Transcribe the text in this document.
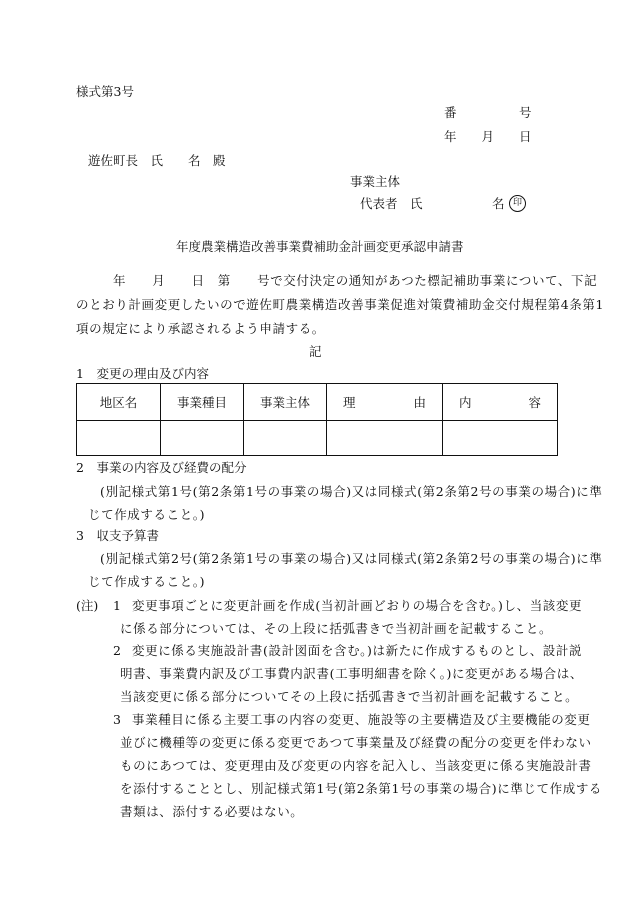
様式第3号
番　　　　　号
年　　月　　日
遊佐町長　氏　　名　殿
事業主体
代表者　氏	名 印
年度農業構造改善事業費補助金計画変更承認申請書
年　　月　　日　第　　号で交付決定の通知があつた標記補助事業について、下記
のとおり計画変更したいので遊佐町農業構造改善事業促進対策費補助金交付規程第4条第1
項の規定により承認されるよう申請する。
記
1　変更の理由及び内容
地区名	事業種目	事業主体	理 由	内 容

2　事業の内容及び経費の配分
(別記様式第1号(第2条第1号の事業の場合)又は同様式(第2条第2号の事業の場合)に準
じて作成すること。)
3　収支予算書
(別記様式第2号(第2条第1号の事業の場合)又は同様式(第2条第2号の事業の場合)に準
じて作成すること。)
(注) 1 変更事項ごとに変更計画を作成(当初計画どおりの場合を含む。)し、当該変更
に係る部分については、その上段に括弧書きで当初計画を記載すること。
2 変更に係る実施設計書(設計図面を含む。)は新たに作成するものとし、設計説
明書、事業費内訳及び工事費内訳書(工事明細書を除く。)に変更がある場合は、
当該変更に係る部分についてその上段に括弧書きで当初計画を記載すること。
3 事業種目に係る主要工事の内容の変更、施設等の主要構造及び主要機能の変更
並びに機種等の変更に係る変更であつて事業量及び経費の配分の変更を伴わない
ものにあつては、変更理由及び変更の内容を記入し、当該変更に係る実施設計書
を添付することとし、別記様式第1号(第2条第1号の事業の場合)に準じて作成する
書類は、添付する必要はない。
